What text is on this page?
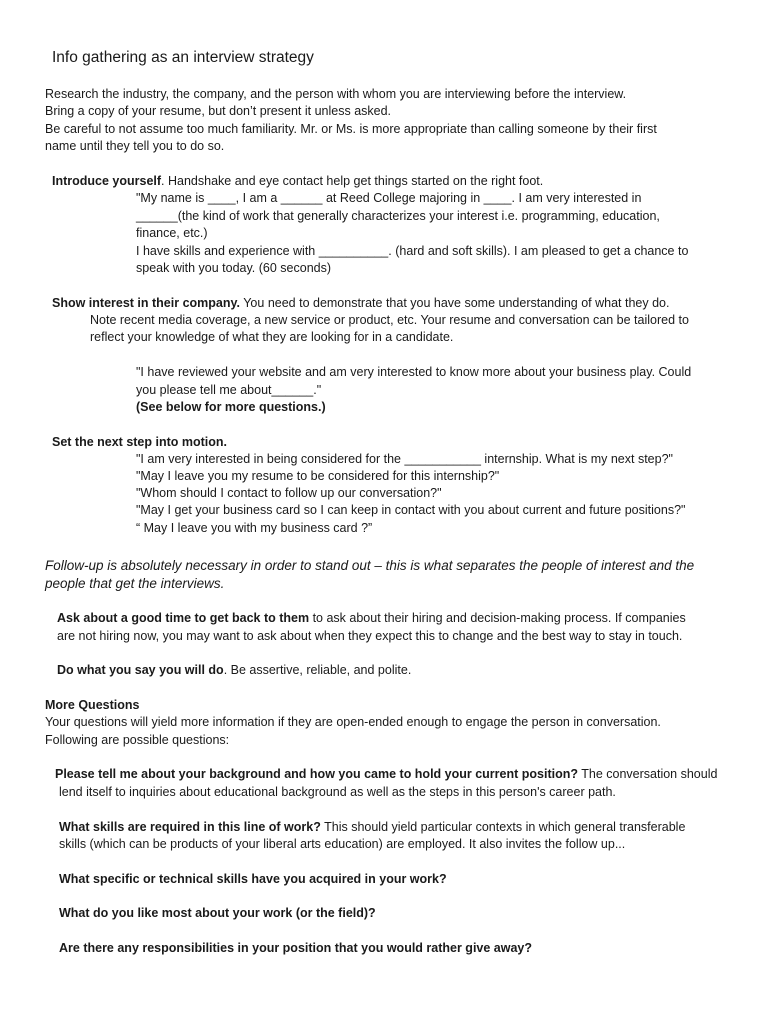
Info gathering as an interview strategy
Research the industry, the company, and the person with whom you are interviewing before the interview.
Bring a copy of your resume, but don’t present it unless asked.
Be careful to not assume too much familiarity. Mr. or Ms. is more appropriate than calling someone by their first
name until they tell you to do so.
Introduce yourself. Handshake and eye contact help get things started on the right foot.
"My name is ____, I am a ______ at Reed College majoring in ____. I am very interested in
______(the kind of work that generally characterizes your interest i.e. programming, education,
finance, etc.)
I have skills and experience with __________. (hard and soft skills). I am pleased to get a chance to
speak with you today. (60 seconds)
Show interest in their company. You need to demonstrate that you have some understanding of what they do.
Note recent media coverage, a new service or product, etc. Your resume and conversation can be tailored to
reflect your knowledge of what they are looking for in a candidate.
"I have reviewed your website and am very interested to know more about your business play. Could
you please tell me about______."
(See below for more questions.)
Set the next step into motion.
"I am very interested in being considered for the ___________ internship. What is my next step?"
"May I leave you my resume to be considered for this internship?"
"Whom should I contact to follow up our conversation?"
"May I get your business card so I can keep in contact with you about current and future positions?"
“ May I leave you with my business card ?”
Follow-up is absolutely necessary in order to stand out – this is what separates the people of interest and the
people that get the interviews.
Ask about a good time to get back to them to ask about their hiring and decision-making process. If companies
are not hiring now, you may want to ask about when they expect this to change and the best way to stay in touch.
Do what you say you will do. Be assertive, reliable, and polite.
More Questions
Your questions will yield more information if they are open-ended enough to engage the person in conversation.
Following are possible questions:
Please tell me about your background and how you came to hold your current position? The conversation should
lend itself to inquiries about educational background as well as the steps in this person's career path.
What skills are required in this line of work? This should yield particular contexts in which general transferable
skills (which can be products of your liberal arts education) are employed. It also invites the follow up...
What specific or technical skills have you acquired in your work?
What do you like most about your work (or the field)?
Are there any responsibilities in your position that you would rather give away?
